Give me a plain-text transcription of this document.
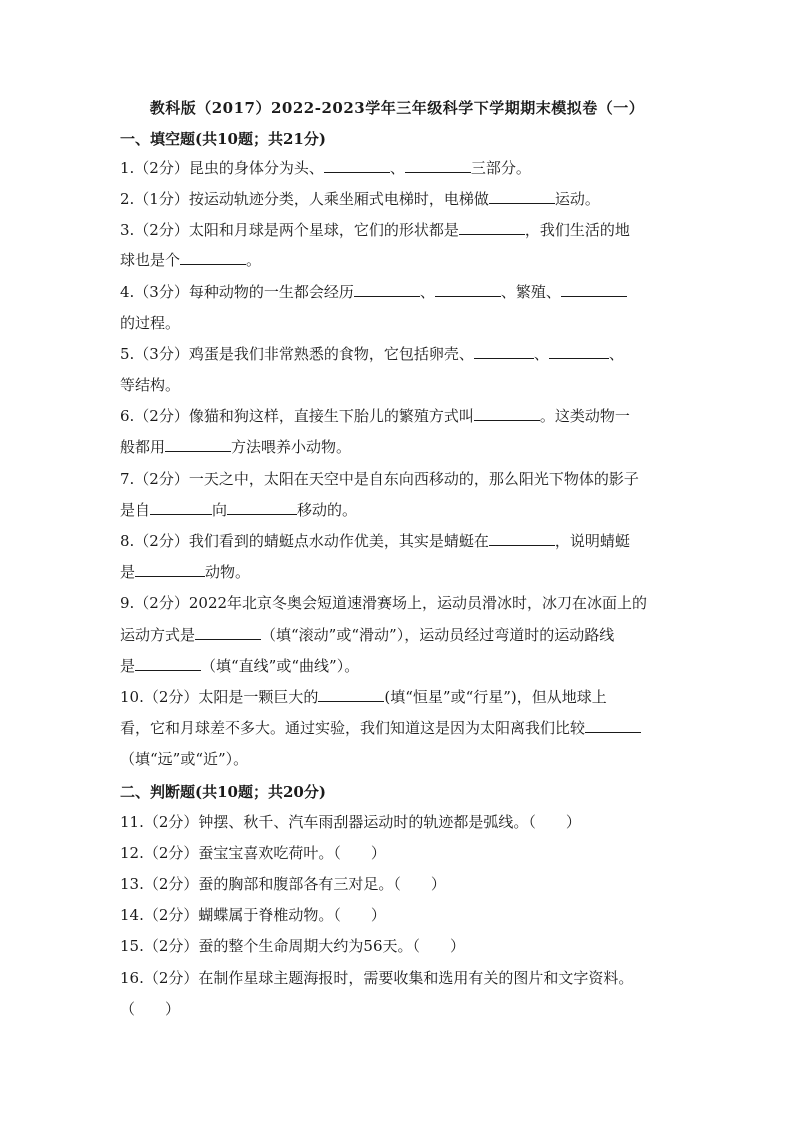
教科版（2017）2022-2023学年三年级科学下学期期末模拟卷（一）
一、填空题(共10题；共21分)
1.（2分）昆虫的身体分为头、	、	三部分。
2.（1分）按运动轨迹分类，人乘坐厢式电梯时，电梯做	运动。
3.（2分）太阳和月球是两个星球，它们的形状都是	，我们生活的地
球也是个	。
4.（3分）每种动物的一生都会经历	、	、繁殖、
的过程。
5.（3分）鸡蛋是我们非常熟悉的食物，它包括卵壳、	、	、
等结构。
6.（2分）像猫和狗这样，直接生下胎儿的繁殖方式叫	。这类动物一
般都用	方法喂养小动物。
7.（2分）一天之中，太阳在天空中是自东向西移动的，那么阳光下物体的影子
是自	向	移动的。
8.（2分）我们看到的蜻蜓点水动作优美，其实是蜻蜓在	，说明蜻蜓
是	动物。
9.（2分）2022年北京冬奥会短道速滑赛场上，运动员滑冰时，冰刀在冰面上的
运动方式是	（填“滚动”或“滑动”），运动员经过弯道时的运动路线
是	（填“直线”或“曲线”）。
10.（2分）太阳是一颗巨大的	(填“恒星”或“行星”)，但从地球上
看，它和月球差不多大。通过实验，我们知道这是因为太阳离我们比较
（填“远”或“近”）。
二、判断题(共10题；共20分)
11.（2分）钟摆、秋千、汽车雨刮器运动时的轨迹都是弧线。（　　）
12.（2分）蚕宝宝喜欢吃荷叶。（　　）
13.（2分）蚕的胸部和腹部各有三对足。（　　）
14.（2分）蝴蝶属于脊椎动物。（　　）
15.（2分）蚕的整个生命周期大约为56天。（　　）
16.（2分）在制作星球主题海报时，需要收集和选用有关的图片和文字资料。
（　　）
